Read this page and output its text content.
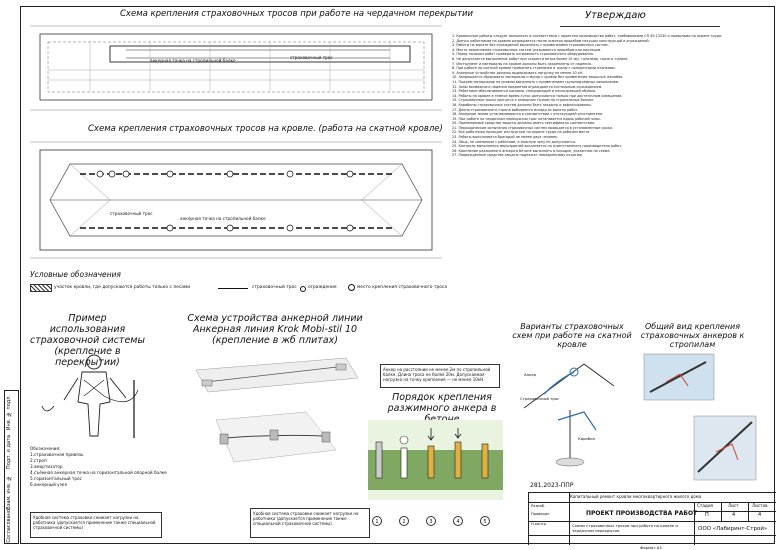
Инв. № подл.
Подп. и дата
Взам. инв. №
Согласовано
Схема крепления страховочных тросов при работе на чердачном перекрытии
анкерная точка на стропильной балке
страховочный трос
Схема крепления страховочных тросов на кровле. (работа на скатной кровле)
страховочный трос
анкерная точка на стропильной балке
Условные обозначения
участок кровли, где допускаются работы только с лесами	страховочный трос	ограждение	место крепления страховочного троса
Утверждаю
1. Кровельные работы следует выполнять в соответствии с проектом производства работ, требованиями СП 49.13330 и правилами по охране труда.
2. Допуск работников на кровлю разрешается после осмотра прорабом несущих конструкций и ограждений.
3. Работы на высоте без ограждений выполнять с применением страховочных систем.
4. Места закрепления страховочных систем указываются прорабом или мастером.
5. Перед началом работ проверить исправность страховочного оборудования.
6. Не допускается выполнение работ при скорости ветра более 15 м/с, гололёде, грозе и тумане.
7. Инструмент и материалы на кровле должны быть закреплены от падения.
8. При работе на скатной кровле применять стремянки и трапы с поперечными планками.
9. Анкерные устройства должны выдерживать нагрузку не менее 10 кН.
10. Запрещается сбрасывать материалы и мусор с кровли без применения закрытых желобов.
11. Подъём материалов на кровлю выполнять с применением грузоподъёмных механизмов.
12. Зоны возможного падения предметов ограждаются сигнальным ограждением.
13. Работники обеспечиваются касками, спецодеждой и нескользящей обувью.
14. Работы на кровле в тёмное время суток допускаются только при достаточном освещении.
15. Страховочные тросы крепятся к анкерным точкам на стропильных балках.
16. Карабины страховочных систем должны быть закрыты и зафиксированы.
17. Длина страховочного стропа выбирается исходя из высоты работ.
18. Анкерные линии устанавливаются в соответствии с инструкцией изготовителя.
19. При работе на чердачном перекрытии трос натягивается вдоль рабочей зоны.
20. Применяемые средства защиты должны иметь сертификаты соответствия.
21. Периодические испытания страховочных систем проводятся в установленные сроки.
22. Все работники проходят инструктаж по охране труда на рабочем месте.
23. Работы выполняются бригадой не менее двух человек.
24. Лица, не связанные с работами, в опасную зону не допускаются.
25. Контроль выполнения мероприятий возлагается на ответственного производителя работ.
26. Крепление разжимного анкера в бетоне выполнять в порядке, указанном на схеме.
27. Повреждённые средства защиты подлежат немедленному изъятию.
Пример использования страховочной системы (крепление в перекрытии)
Обозначения:
1.страховочная привязь
2.строп
3.амортизатор
4.съёмная анкерная точка на горизонтальной опорной балке
5.горизонтальный трос
6.анкерный узел
Удобная система страховки снижает нагрузки на работника (допускается применение также специальной страховочной системы)
Схема устройства анкерной линии Анкерная линия Krok Mobi-stil 10 (крепление в жб плитах)
Удобная система страховки снижает нагрузки на работника (допускается применение также специальной страховочной системы)
Анкер на расстоянии не менее 2м по стропильной балке. Длина троса не более 20м. Допускаемая нагрузка на точку крепления — не менее 10кН.
Порядок крепления разжимного анкера в
1	2	3	4	5
Варианты страховочных схем при работе на скатной кровле
Общий вид крепления страховочных анкеров к стропилам
Анкер
Страховочный трос
Карабин
281.2023-ППР
Капитальный ремонт кровли многоквартирного жилого дома
ПРОЕКТ ПРОИЗВОДСТВА РАБОТ
Схемы страховочных тросов при работе на кровле и чердачном перекрытии	ООО «Лабиринт-Строй»
Стадия	Лист	Листов
П	4	4
Разраб.
Проверил
Н.контр.
Формат А3
